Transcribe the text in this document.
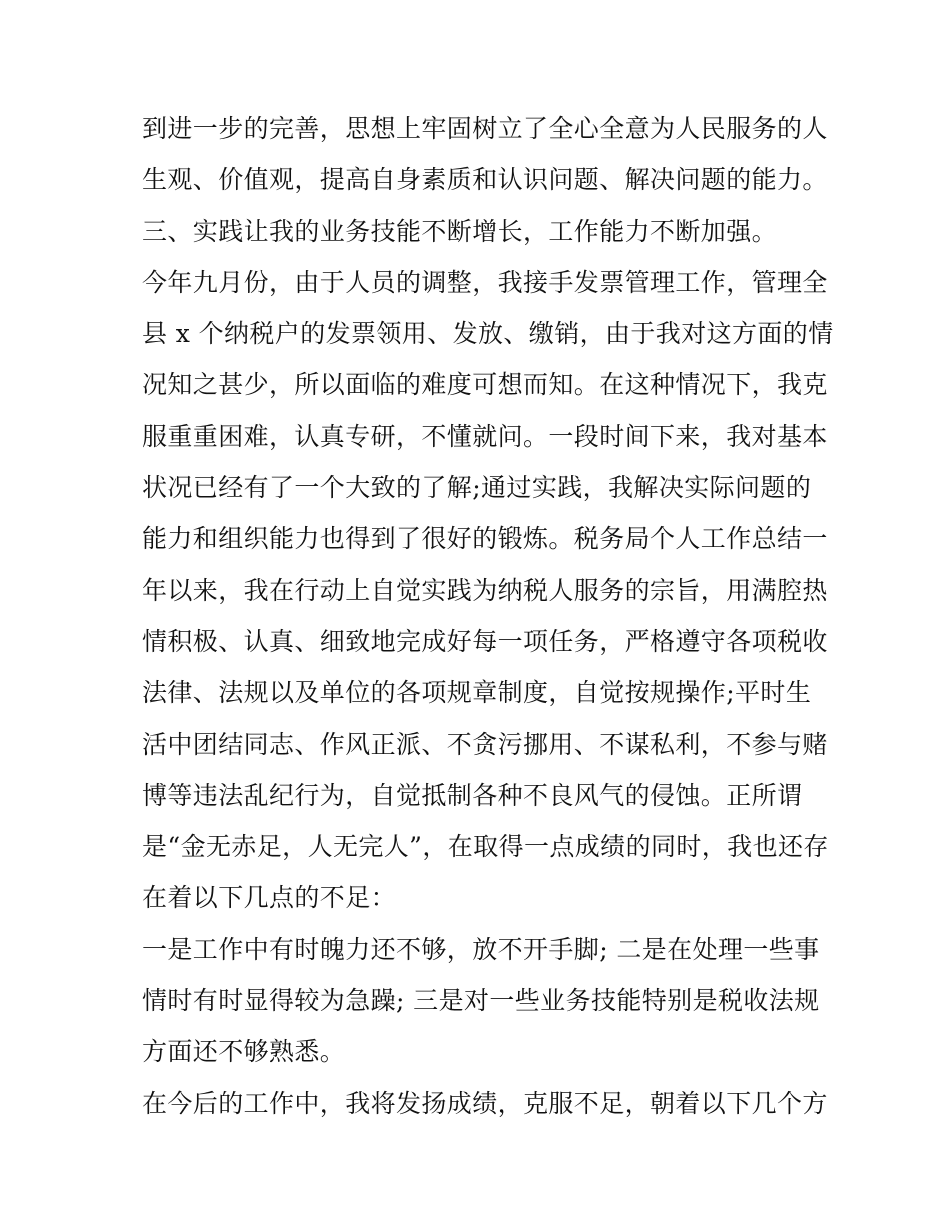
到进一步的完善，思想上牢固树立了全心全意为人民服务的人
生观、价值观，提高自身素质和认识问题、解决问题的能力。
三、实践让我的业务技能不断增长，工作能力不断加强。
今年九月份，由于人员的调整，我接手发票管理工作，管理全
县 x 个纳税户的发票领用、发放、缴销，由于我对这方面的情
况知之甚少，所以面临的难度可想而知。在这种情况下，我克
服重重困难，认真专研，不懂就问。一段时间下来，我对基本
状况已经有了一个大致的了解;通过实践，我解决实际问题的
能力和组织能力也得到了很好的锻炼。税务局个人工作总结一
年以来，我在行动上自觉实践为纳税人服务的宗旨，用满腔热
情积极、认真、细致地完成好每一项任务，严格遵守各项税收
法律、法规以及单位的各项规章制度，自觉按规操作;平时生
活中团结同志、作风正派、不贪污挪用、不谋私利，不参与赌
博等违法乱纪行为，自觉抵制各种不良风气的侵蚀。正所谓
是“金无赤足，人无完人”，在取得一点成绩的同时，我也还存
在着以下几点的不足：
一是工作中有时魄力还不够，放不开手脚; 二是在处理一些事
情时有时显得较为急躁; 三是对一些业务技能特别是税收法规
方面还不够熟悉。
在今后的工作中，我将发扬成绩，克服不足，朝着以下几个方
